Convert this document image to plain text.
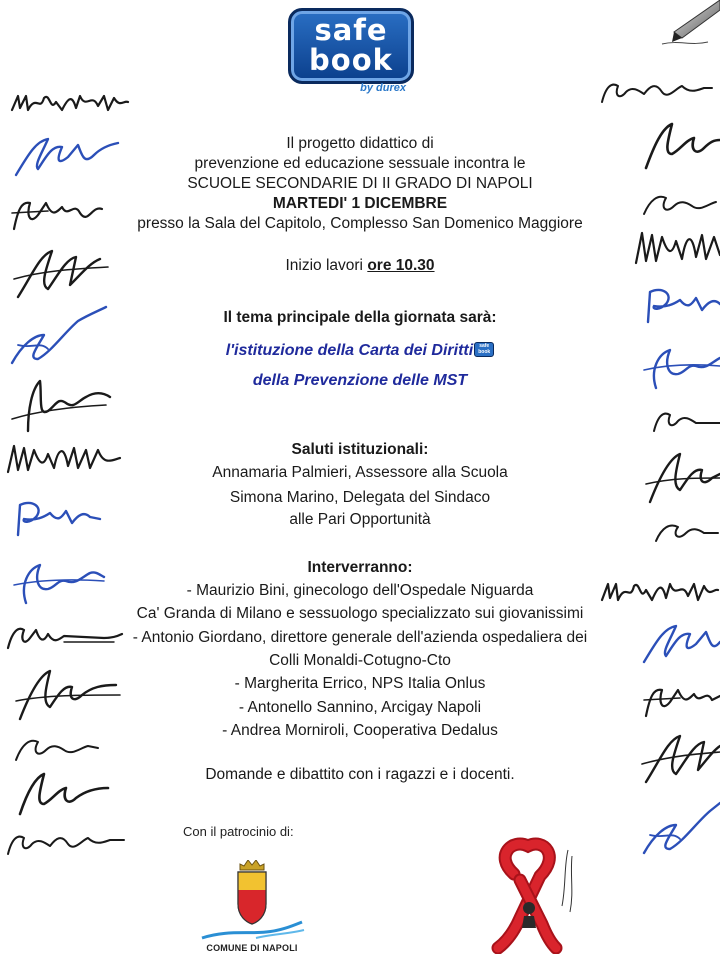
safe
book
by durex
Il progetto didattico di
prevenzione ed educazione sessuale incontra le
SCUOLE SECONDARIE DI II GRADO DI NAPOLI
MARTEDI' 1 DICEMBRE
presso la Sala del Capitolo, Complesso San Domenico Maggiore
Inizio lavori ore 10.30
Il tema principale della giornata sarà:
l'istituzione della Carta dei Diritti safe
book
della Prevenzione delle MST
Saluti istituzionali:
Annamaria Palmieri, Assessore alla Scuola
Simona Marino, Delegata del Sindaco
alle Pari Opportunità
Interverranno:
- Maurizio Bini, ginecologo dell'Ospedale Niguarda
Ca' Granda di Milano e sessuologo specializzato sui giovanissimi
- Antonio Giordano, direttore generale dell'azienda ospedaliera dei
Colli Monaldi-Cotugno-Cto
- Margherita Errico, NPS Italia Onlus
- Antonello Sannino, Arcigay Napoli
- Andrea Morniroli, Cooperativa Dedalus
Domande e dibattito con i ragazzi e i docenti.
Con il patrocinio di:
COMUNE DI NAPOLI
